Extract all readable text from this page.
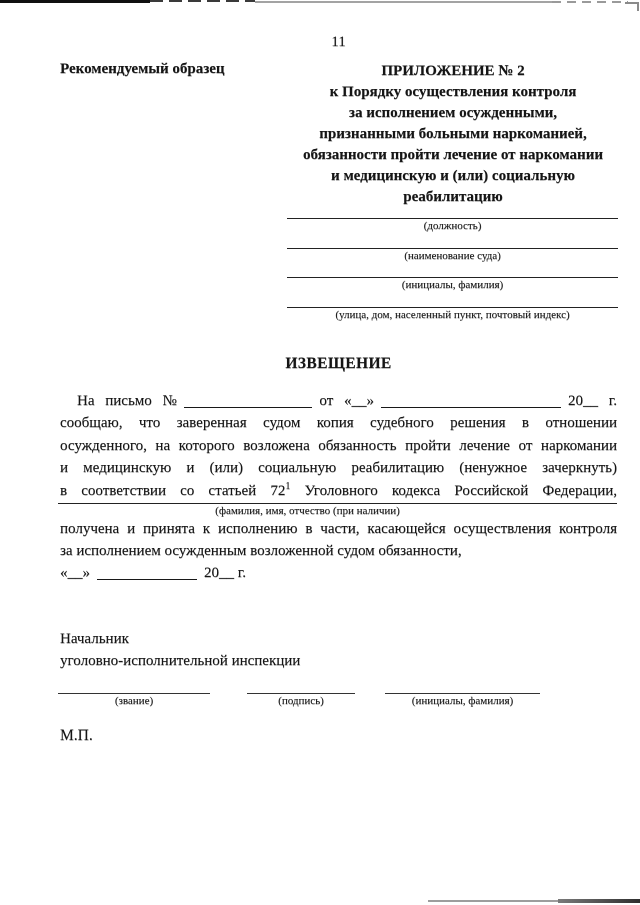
11
Рекомендуемый образец	ПРИЛОЖЕНИЕ № 2
к Порядку осуществления контроля
за исполнением осужденными,
признанными больными наркоманией,
обязанности пройти лечение от наркомании
и медицинскую и (или) социальную
реабилитацию
(должность)
(наименование суда)
(инициалы, фамилия)
(улица, дом, населенный пункт, почтовый индекс)
ИЗВЕЩЕНИЕ
На письмо №	от «__»	20__ г.
сообщаю, что заверенная судом копия судебного решения в отношении
осужденного, на которого возложена обязанность пройти лечение от наркомании
и медицинскую и (или) социальную реабилитацию (ненужное зачеркнуть)
в соответствии со статьей $72^1$ Уголовного кодекса Российской Федерации,
(фамилия, имя, отчество (при наличии)
получена и принята к исполнению в части, касающейся осуществления контроля
за исполнением осужденным возложенной судом обязанности,
«__»	20__ г.
Начальник
уголовно-исполнительной инспекции
(звание)	(подпись)	(инициалы, фамилия)
М.П.
